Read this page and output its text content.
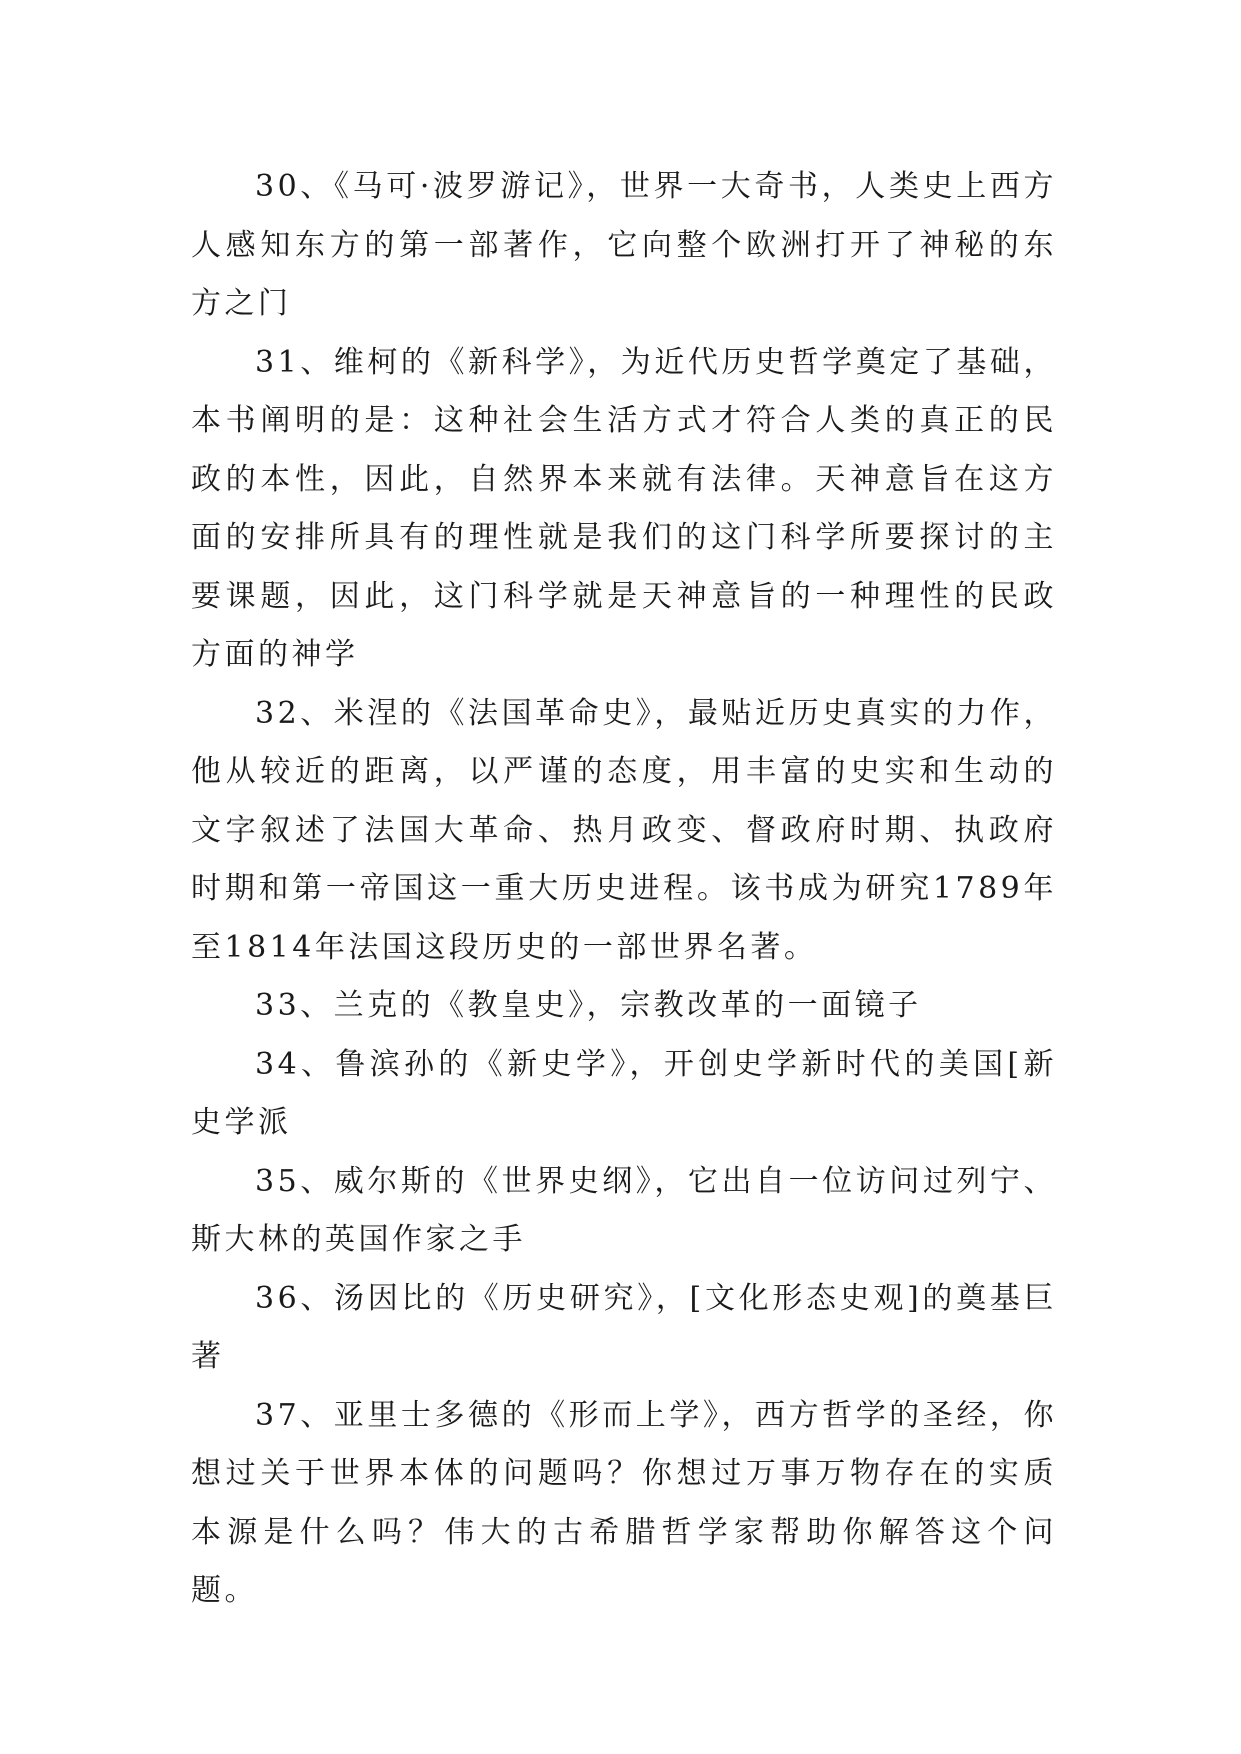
30、《马可·波罗游记》，世界一大奇书，人类史上西方人感知东方的第一部著作，它向整个欧洲打开了神秘的东方之门

31、维柯的《新科学》，为近代历史哲学奠定了基础，本书阐明的是：这种社会生活方式才符合人类的真正的民政的本性，因此，自然界本来就有法律。天神意旨在这方面的安排所具有的理性就是我们的这门科学所要探讨的主要课题，因此，这门科学就是天神意旨的一种理性的民政方面的神学

32、米涅的《法国革命史》，最贴近历史真实的力作，他从较近的距离，以严谨的态度，用丰富的史实和生动的文字叙述了法国大革命、热月政变、督政府时期、执政府时期和第一帝国这一重大历史进程。该书成为研究1789年至1814年法国这段历史的一部世界名著。

33、兰克的《教皇史》，宗教改革的一面镜子

34、鲁滨孙的《新史学》，开创史学新时代的美国[新史学派

35、威尔斯的《世界史纲》，它出自一位访问过列宁、斯大林的英国作家之手

36、汤因比的《历史研究》，[文化形态史观]的奠基巨著

37、亚里士多德的《形而上学》，西方哲学的圣经，你想过关于世界本体的问题吗？你想过万事万物存在的实质本源是什么吗？伟大的古希腊哲学家帮助你解答这个问题。
